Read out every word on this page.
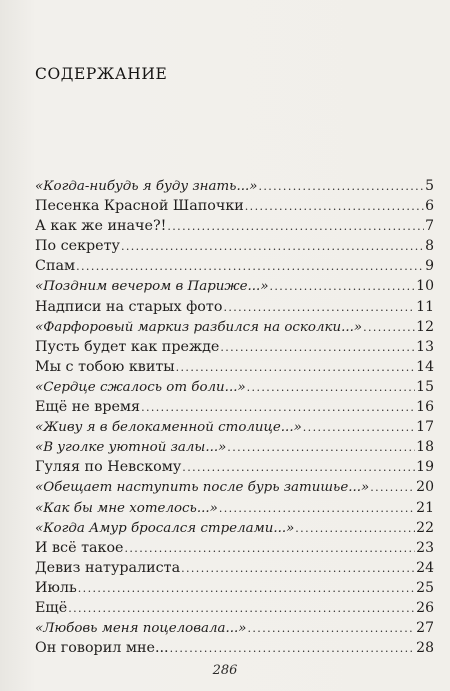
СОДЕРЖАНИЕ
«Когда-нибудь я буду знать...» .....	5
Песенка Красной Шапочки .....	6
А как же иначе?! .....	7
По секрету .....	8
Спам .....	9
«Поздним вечером в Париже...» .....	10
Надписи на старых фото .....	11
«Фарфоровый маркиз разбился на осколки...» .....	12
Пусть будет как прежде .....	13
Мы с тобою квиты .....	14
«Сердце сжалось от боли...» .....	15
Ещё не время .....	16
«Живу я в белокаменной столице...» .....	17
«В уголке уютной залы...» .....	18
Гуляя по Невскому .....	19
«Обещает наступить после бурь затишье...» .....	20
«Как бы мне хотелось...» .....	21
«Когда Амур бросался стрелами...» .....	22
И всё такое .....	23
Девиз натуралиста .....	24
Июль .....	25
Ещё .....	26
«Любовь меня поцеловала...» .....	27
Он говорил мне... .....	28
286
